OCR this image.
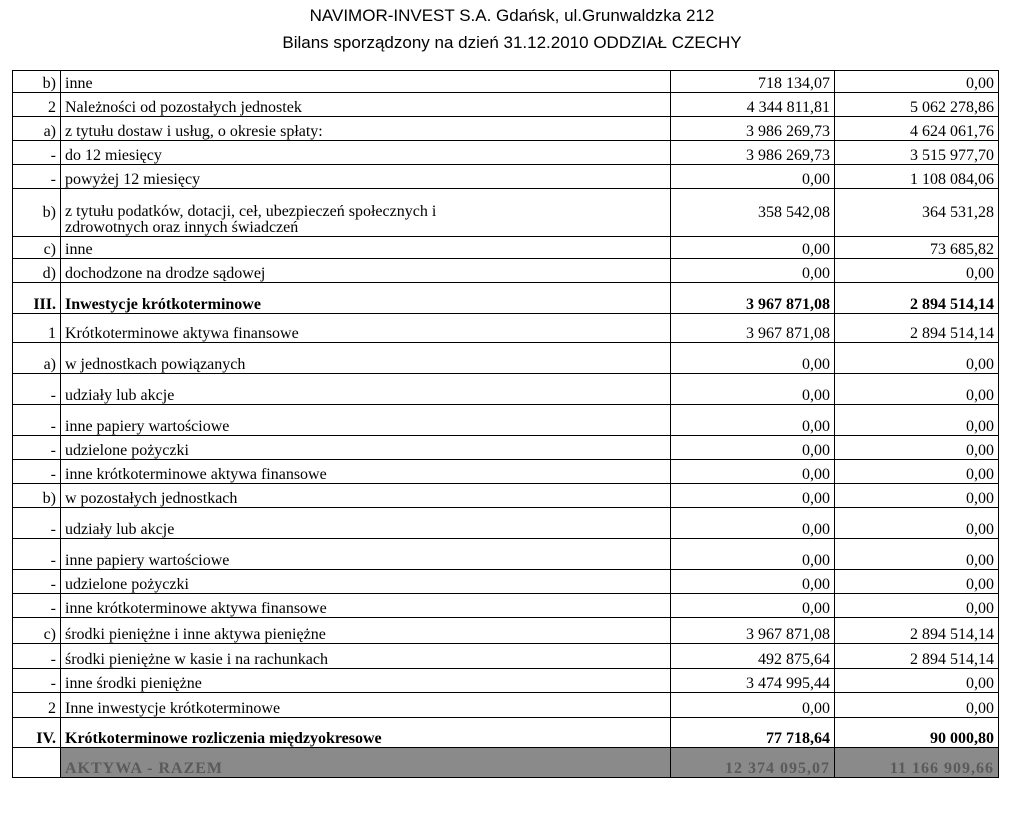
NAVIMOR-INVEST S.A. Gdańsk, ul.Grunwaldzka 212
Bilans sporządzony na dzień 31.12.2010 ODDZIAŁ CZECHY
b)	inne	718 134,07	0,00
2	Należności od pozostałych jednostek	4 344 811,81	5 062 278,86
a)	z tytułu dostaw i usług, o okresie spłaty:	3 986 269,73	4 624 061,76
-	do 12 miesięcy	3 986 269,73	3 515 977,70
-	powyżej 12 miesięcy	0,00	1 108 084,06
b)	z tytułu podatków, dotacji, ceł, ubezpieczeń społecznych i zdrowotnych oraz innych świadczeń	358 542,08	364 531,28
c)	inne	0,00	73 685,82
d)	dochodzone na drodze sądowej	0,00	0,00
III.	Inwestycje krótkoterminowe	3 967 871,08	2 894 514,14
1	Krótkoterminowe aktywa finansowe	3 967 871,08	2 894 514,14
a)	w jednostkach powiązanych	0,00	0,00
-	udziały lub akcje	0,00	0,00
-	inne papiery wartościowe	0,00	0,00
-	udzielone pożyczki	0,00	0,00
-	inne krótkoterminowe aktywa finansowe	0,00	0,00
b)	w pozostałych jednostkach	0,00	0,00
-	udziały lub akcje	0,00	0,00
-	inne papiery wartościowe	0,00	0,00
-	udzielone pożyczki	0,00	0,00
-	inne krótkoterminowe aktywa finansowe	0,00	0,00
c)	środki pieniężne i inne aktywa pieniężne	3 967 871,08	2 894 514,14
-	środki pieniężne w kasie i na rachunkach	492 875,64	2 894 514,14
-	inne środki pieniężne	3 474 995,44	0,00
2	Inne inwestycje krótkoterminowe	0,00	0,00
IV.	Krótkoterminowe rozliczenia międzyokresowe	77 718,64	90 000,80
	AKTYWA - RAZEM	12 374 095,07	11 166 909,66
